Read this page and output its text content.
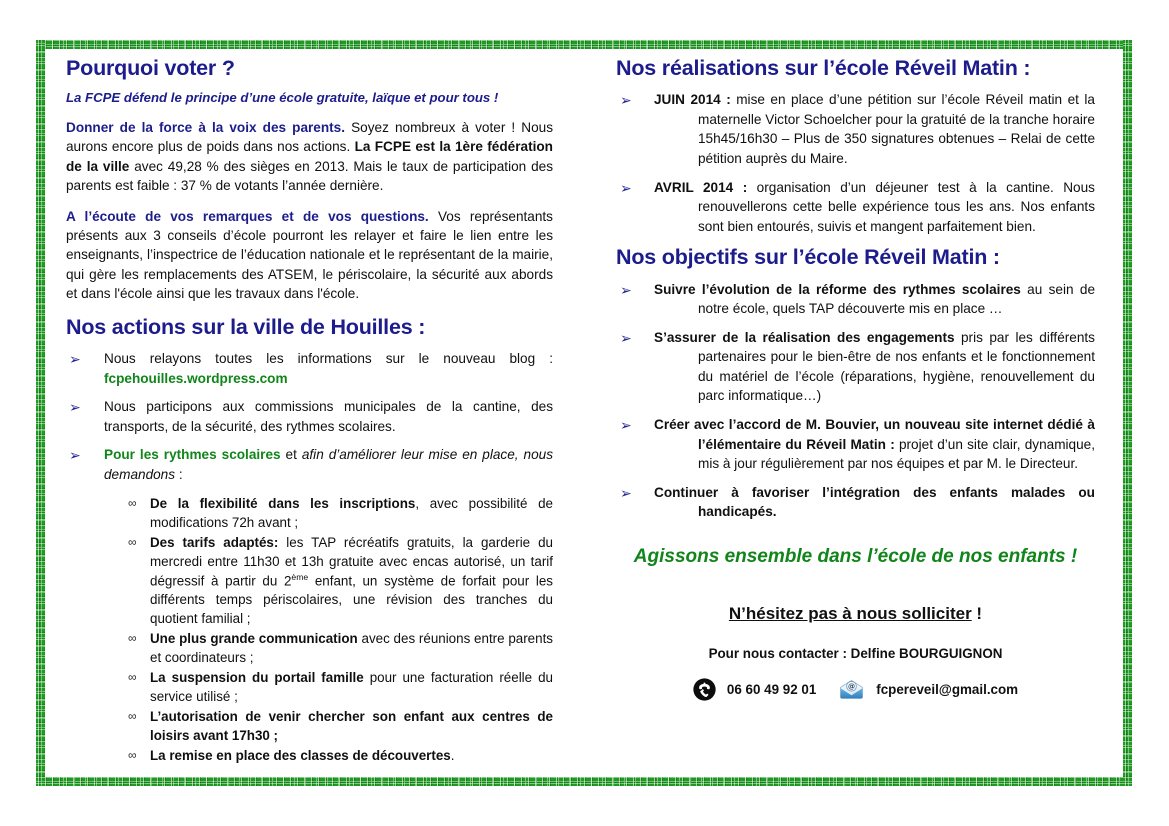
Pourquoi voter ?

La FCPE défend le principe d’une école gratuite, laïque et pour tous !

Donner de la force à la voix des parents. Soyez nombreux à voter ! Nous aurons encore plus de poids dans nos actions. La FCPE est la 1ère fédération de la ville avec 49,28 % des sièges en 2013. Mais le taux de participation des parents est faible : 37 % de votants l’année dernière.

A l’écoute de vos remarques et de vos questions. Vos représentants présents aux 3 conseils d’école pourront les relayer et faire le lien entre les enseignants, l’inspectrice de l’éducation nationale et le représentant de la mairie, qui gère les remplacements des ATSEM, le périscolaire, la sécurité aux abords et dans l'école ainsi que les travaux dans l'école.

Nos actions sur la ville de Houilles :
➢ Nous relayons toutes les informations sur le nouveau blog : fcpehouilles.wordpress.com
➢ Nous participons aux commissions municipales de la cantine, des transports, de la sécurité, des rythmes scolaires.
➢ Pour les rythmes scolaires et afin d’améliorer leur mise en place, nous demandons :
∞ De la flexibilité dans les inscriptions, avec possibilité de modifications 72h avant ;
∞ Des tarifs adaptés: les TAP récréatifs gratuits, la garderie du mercredi entre 11h30 et 13h gratuite avec encas autorisé, un tarif dégressif à partir du 2ème enfant, un système de forfait pour les différents temps périscolaires, une révision des tranches du quotient familial ;
∞ Une plus grande communication avec des réunions entre parents et coordinateurs ;
∞ La suspension du portail famille pour une facturation réelle du service utilisé ;
∞ L’autorisation de venir chercher son enfant aux centres de loisirs avant 17h30 ;
∞ La remise en place des classes de découvertes.
Nos réalisations sur l’école Réveil Matin :
➢ JUIN 2014 : mise en place d’une pétition sur l’école Réveil matin et la maternelle Victor Schoelcher pour la gratuité de la tranche horaire 15h45/16h30 – Plus de 350 signatures obtenues – Relai de cette pétition auprès du Maire.
➢ AVRIL 2014 : organisation d’un déjeuner test à la cantine. Nous renouvellerons cette belle expérience tous les ans. Nos enfants sont bien entourés, suivis et mangent parfaitement bien.
Nos objectifs sur l’école Réveil Matin :
➢ Suivre l’évolution de la réforme des rythmes scolaires au sein de notre école, quels TAP découverte mis en place …
➢ S’assurer de la réalisation des engagements pris par les différents partenaires pour le bien-être de nos enfants et le fonctionnement du matériel de l’école (réparations, hygiène, renouvellement du parc informatique…)
➢ Créer avec l’accord de M. Bouvier, un nouveau site internet dédié à l’élémentaire du Réveil Matin : projet d’un site clair, dynamique, mis à jour régulièrement par nos équipes et par M. le Directeur.
➢ Continuer à favoriser l’intégration des enfants malades ou handicapés.

Agissons ensemble dans l’école de nos enfants !

N’hésitez pas à nous solliciter !

Pour nous contacter : Delfine BOURGUIGNON

06 60 49 92 01	@ fcpereveil@gmail.com
